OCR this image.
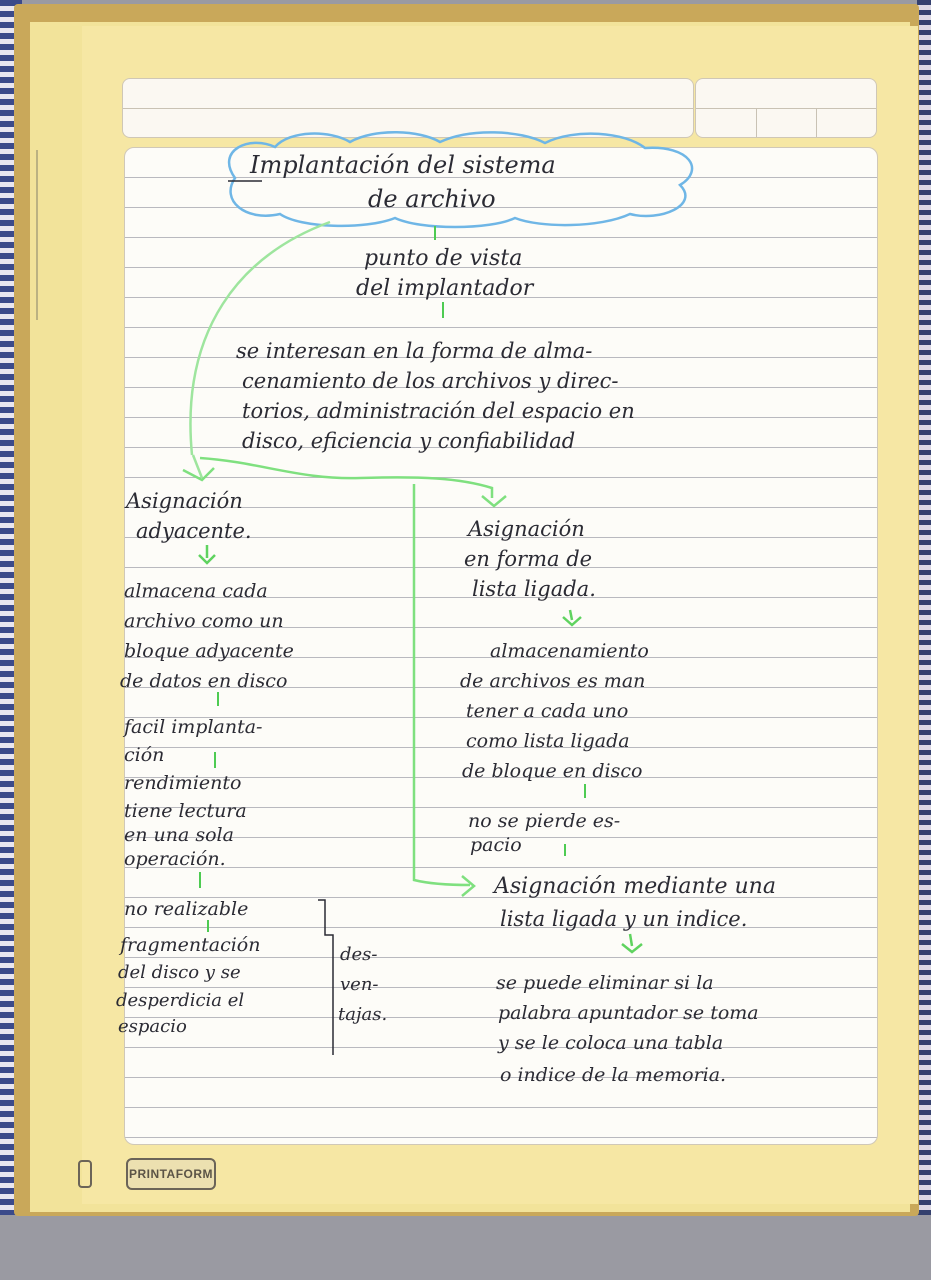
Implantación del sistema
de archivo
punto de vista
del implantador
se interesan en la forma de alma-
cenamiento de los archivos y direc-
torios, administración del espacio en
disco, eficiencia y confiabilidad
Asignación
adyacente.
almacena cada
archivo como un
bloque adyacente
de datos en disco
facil implanta-
ción
rendimiento
tiene lectura
en una sola
operación.
no realizable
fragmentación
del disco y se
desperdicia el
espacio
des-
ven-
tajas.
Asignación
en forma de
lista ligada.
almacenamiento
de archivos es man
tener a cada uno
como lista ligada
de bloque en disco
no se pierde es-
pacio
Asignación mediante una
lista ligada y un indice.
se puede eliminar si la
palabra apuntador se toma
y se le coloca una tabla
o indice de la memoria.
PRINTAFORM
